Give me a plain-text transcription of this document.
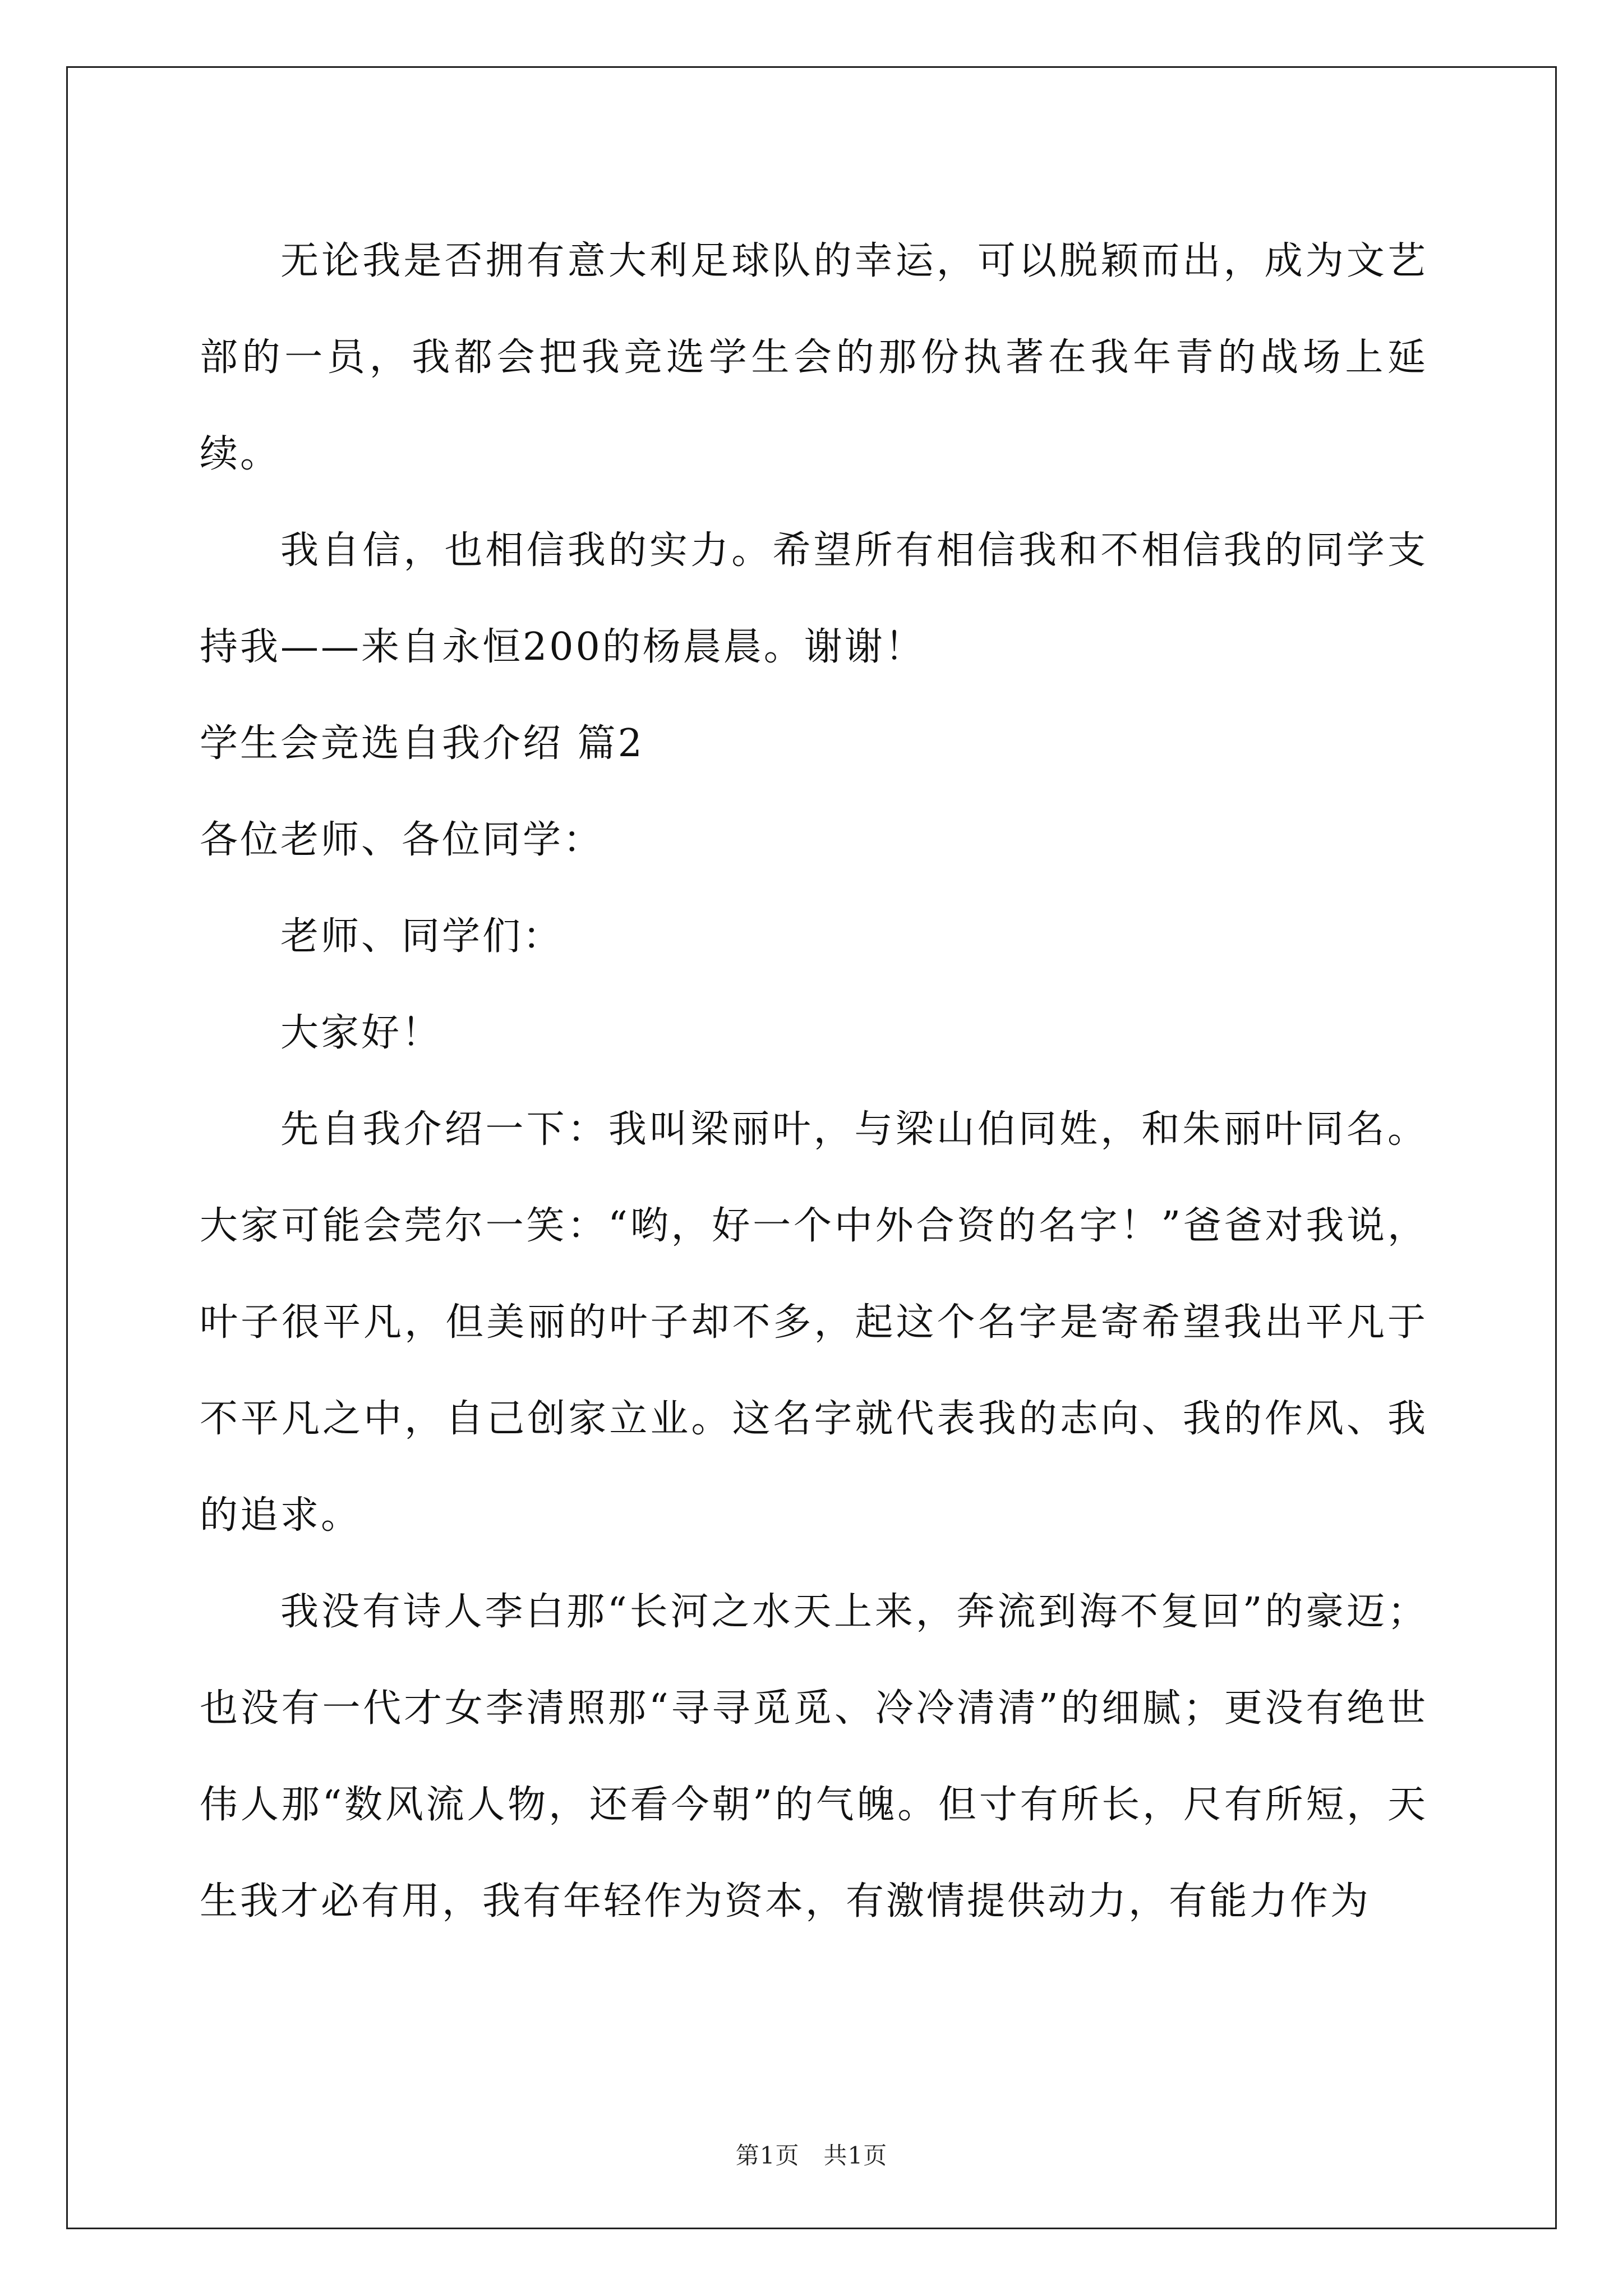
无论我是否拥有意大利足球队的幸运，可以脱颖而出，成为文艺部的一员，我都会把我竞选学生会的那份执著在我年青的战场上延续。

我自信，也相信我的实力。希望所有相信我和不相信我的同学支持我——来自永恒200的杨晨晨。谢谢！

学生会竞选自我介绍 篇2

各位老师、各位同学：

老师、同学们：

大家好！

先自我介绍一下：我叫梁丽叶，与梁山伯同姓，和朱丽叶同名。大家可能会莞尔一笑：“哟，好一个中外合资的名字！”爸爸对我说，叶子很平凡，但美丽的叶子却不多，起这个名字是寄希望我出平凡于不平凡之中，自己创家立业。这名字就代表我的志向、我的作风、我的追求。

我没有诗人李白那“长河之水天上来，奔流到海不复回”的豪迈；也没有一代才女李清照那“寻寻觅觅、冷冷清清”的细腻；更没有绝世伟人那“数风流人物，还看今朝”的气魄。但寸有所长，尺有所短，天生我才必有用，我有年轻作为资本，有激情提供动力，有能力作为

第1页　共1页
